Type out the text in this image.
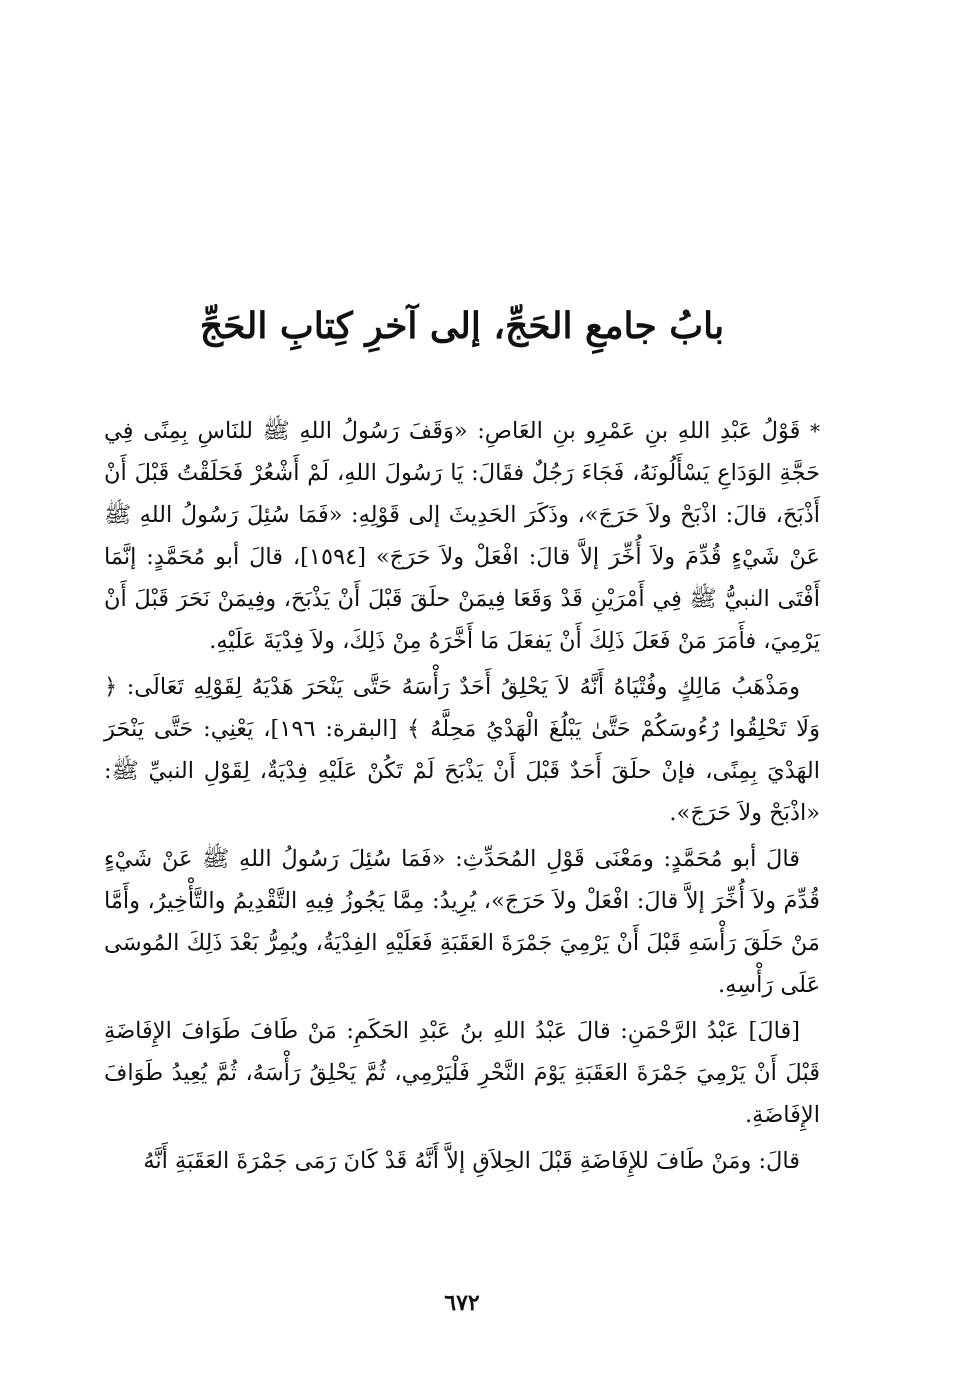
بابُ جامعِ الحَجِّ، إلى آخرِ كِتابِ الحَجِّ

* قَوْلُ عَبْدِ اللهِ بنِ عَمْرِو بنِ العَاصِ: «وَقَفَ رَسُولُ اللهِ ﷺ للنَاسِ بِمِنًى فِي حَجَّةِ الوَدَاعِ يَسْأَلُونَهُ، فَجَاءَ رَجُلٌ فقَالَ: يَا رَسُولَ اللهِ، لَمْ أَشْعُرْ فَحَلَقْتُ قَبْلَ أَنْ أَذْبَحَ، قالَ: اذْبَحْ ولاَ حَرَجَ»، وذَكَرَ الحَدِيثَ إلى قَوْلِهِ: «فَمَا سُئِلَ رَسُولُ اللهِ ﷺ عَنْ شَيْءٍ قُدِّمَ ولاَ أُخِّرَ إلاَّ قالَ: افْعَلْ ولاَ حَرَجَ» [١٥٩٤]، قالَ أبو مُحَمَّدٍ: إنَّمَا أَفْتَى النبيُّ ﷺ فِي أَمْرَيْنِ قَدْ وَقَعَا فِيمَنْ حلَقَ قَبْلَ أَنْ يَذْبَحَ، وفِيمَنْ نَحَرَ قَبْلَ أَنْ يَرْمِيَ، فأَمَرَ مَنْ فَعَلَ ذَلِكَ أَنْ يَفعَلَ مَا أَخَّرَهُ مِنْ ذَلِكَ، ولاَ فِدْيَةَ عَلَيْهِ.

ومَذْهَبُ مَالِكٍ وفُتْيَاهُ أَنَّهُ لاَ يَحْلِقُ أَحَدٌ رَأْسَهُ حَتَّى يَنْحَرَ هَدْيَهُ لِقَوْلِهِ تَعَالَى: ﴿ وَلَا تَحْلِقُوا رُءُوسَكُمْ حَتَّىٰ يَبْلُغَ الْهَدْيُ مَحِلَّهُ ﴾ [البقرة: ١٩٦]، يَعْنِي: حَتَّى يَنْحَرَ الهَدْيَ بِمِنًى، فإنْ حلَقَ أَحَدٌ قَبْلَ أَنْ يَذْبَحَ لَمْ تَكُنْ عَلَيْهِ فِدْيَةٌ، لِقَوْلِ النبيِّ ﷺ: «اذْبَحْ ولاَ حَرَجَ».

قالَ أبو مُحَمَّدٍ: ومَعْنَى قَوْلِ المُحَدِّثِ: «فَمَا سُئِلَ رَسُولُ اللهِ ﷺ عَنْ شَيْءٍ قُدِّمَ ولاَ أُخِّرَ إلاَّ قالَ: افْعَلْ ولاَ حَرَجَ»، يُرِيدُ: مِمَّا يَجُوزُ فِيهِ التَّقْدِيمُ والتَّأْخِيرُ، وأَمَّا مَنْ حَلَقَ رَأْسَهِ قَبْلَ أَنْ يَرْمِيَ جَمْرَةَ العَقَبَةِ فَعَلَيْهِ الفِدْيَةُ، ويُمِرُّ بَعْدَ ذَلِكَ المُوسَى عَلَى رَأْسِهِ.

[قالَ] عَبْدُ الرَّحْمَنِ: قالَ عَبْدُ اللهِ بنُ عَبْدِ الحَكَمِ: مَنْ طَافَ طَوَافَ الإِفَاضَةِ قَبْلَ أَنْ يَرْمِيَ جَمْرَةَ العَقَبَةِ يَوْمَ النَّحْرِ فَلْيَرْمِي، ثُمَّ يَحْلِقُ رَأْسَهُ، ثُمَّ يُعِيدُ طَوَافَ الإِفَاضَةِ.

قالَ: ومَنْ طَافَ للإِفَاضَةِ قَبْلَ الحِلاَقِ إلاَّ أَنَّهُ قَدْ كَانَ رَمَى جَمْرَةَ العَقَبَةِ أَنَّهُ

٦٧٢
